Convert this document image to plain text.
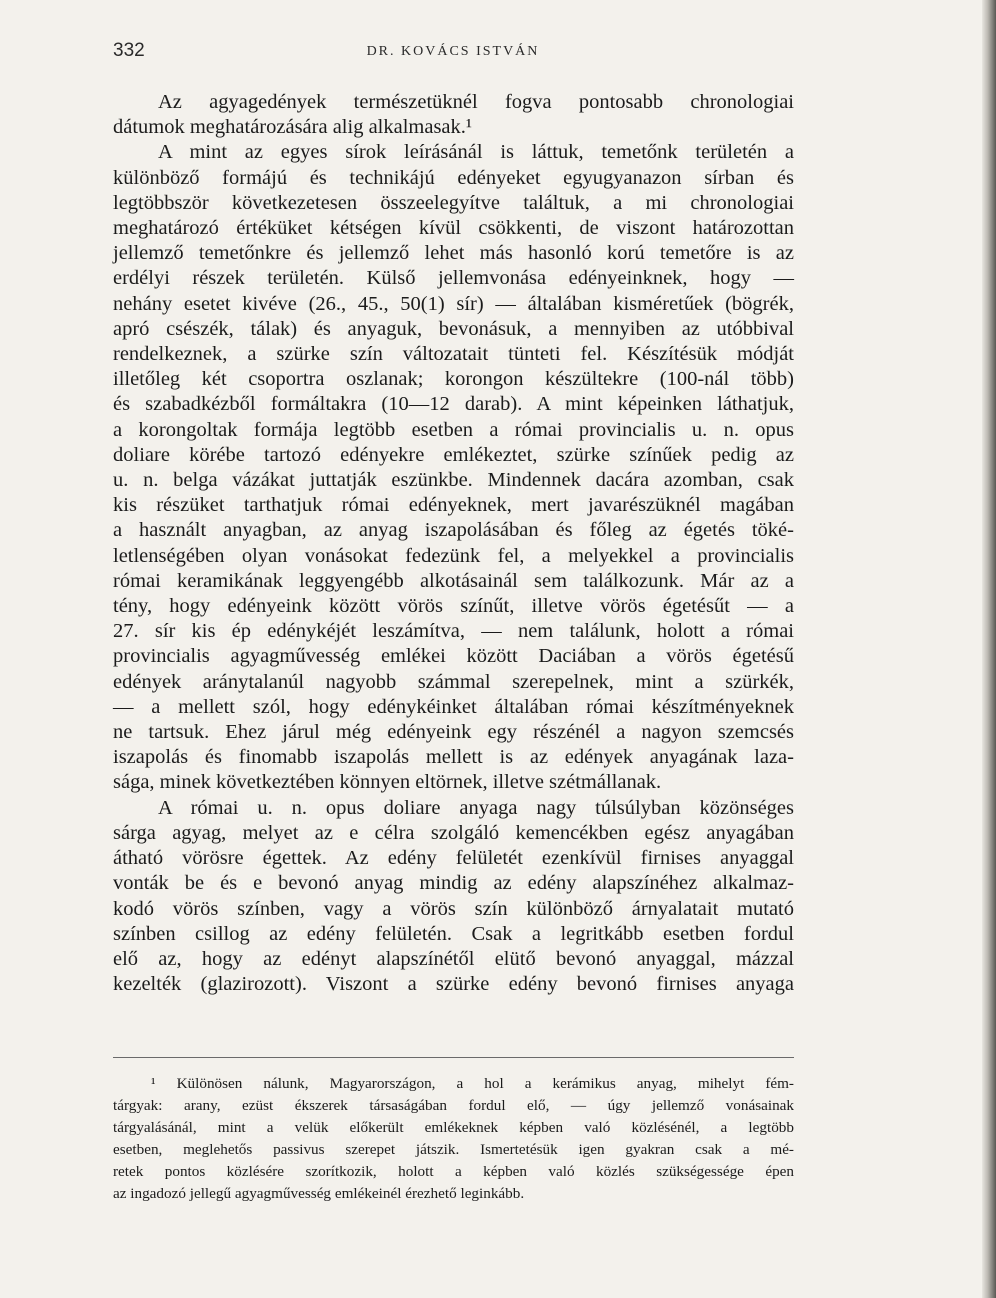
332	DR. KOVÁCS ISTVÁN

Az agyagedények természetüknél fogva pontosabb chronologiai
dátumok meghatározására alig alkalmasak.¹

A mint az egyes sírok leírásánál is láttuk, temetőnk területén a
különböző formájú és technikájú edényeket egyugyanazon sírban és
legtöbbször következetesen összeelegyítve találtuk, a mi chronologiai
meghatározó értéküket kétségen kívül csökkenti, de viszont határozottan
jellemző temetőnkre és jellemző lehet más hasonló korú temetőre is az
erdélyi részek területén. Külső jellemvonása edényeinknek, hogy —
nehány esetet kivéve (26., 45., 50(1) sír) — általában kisméretűek (bögrék,
apró csészék, tálak) és anyaguk, bevonásuk, a mennyiben az utóbbival
rendelkeznek, a szürke szín változatait tünteti fel. Készítésük módját
illetőleg két csoportra oszlanak; korongon készültekre (100-nál több)
és szabadkézből formáltakra (10—12 darab). A mint képeinken láthatjuk,
a korongoltak formája legtöbb esetben a római provincialis u. n. opus
doliare körébe tartozó edényekre emlékeztet, szürke színűek pedig az
u. n. belga vázákat juttatják eszünkbe. Mindennek dacára azomban, csak
kis részüket tarthatjuk római edényeknek, mert javarészüknél magában
a használt anyagban, az anyag iszapolásában és főleg az égetés töké-
letlenségében olyan vonásokat fedezünk fel, a melyekkel a provincialis
római keramikának leggyengébb alkotásainál sem találkozunk. Már az a
tény, hogy edényeink között vörös színűt, illetve vörös égetésűt — a
27. sír kis ép edénykéjét leszámítva, — nem találunk, holott a római
provincialis agyagművesség emlékei között Daciában a vörös égetésű
edények aránytalanúl nagyobb számmal szerepelnek, mint a szürkék,
— a mellett szól, hogy edénykéinket általában római készítményeknek
ne tartsuk. Ehez járul még edényeink egy részénél a nagyon szemcsés
iszapolás és finomabb iszapolás mellett is az edények anyagának laza-
sága, minek következtében könnyen eltörnek, illetve szétmállanak.

A római u. n. opus doliare anyaga nagy túlsúlyban közönséges
sárga agyag, melyet az e célra szolgáló kemencékben egész anyagában
átható vörösre égettek. Az edény felületét ezenkívül firnises anyaggal
vonták be és e bevonó anyag mindig az edény alapszínéhez alkalmaz-
kodó vörös színben, vagy a vörös szín különböző árnyalatait mutató
színben csillog az edény felületén. Csak a legritkább esetben fordul
elő az, hogy az edényt alapszínétől elütő bevonó anyaggal, mázzal
kezelték (glazirozott). Viszont a szürke edény bevonó firnises anyaga

¹ Különösen nálunk, Magyarországon, a hol a kerámikus anyag, mihelyt fém-
tárgyak: arany, ezüst ékszerek társaságában fordul elő, — úgy jellemző vonásainak
tárgyalásánál, mint a velük előkerült emlékeknek képben való közlésénél, a legtöbb
esetben, meglehetős passivus szerepet játszik. Ismertetésük igen gyakran csak a mé-
retek pontos közlésére szorítkozik, holott a képben való közlés szükségessége épen
az ingadozó jellegű agyagművesség emlékeinél érezhető leginkább.
